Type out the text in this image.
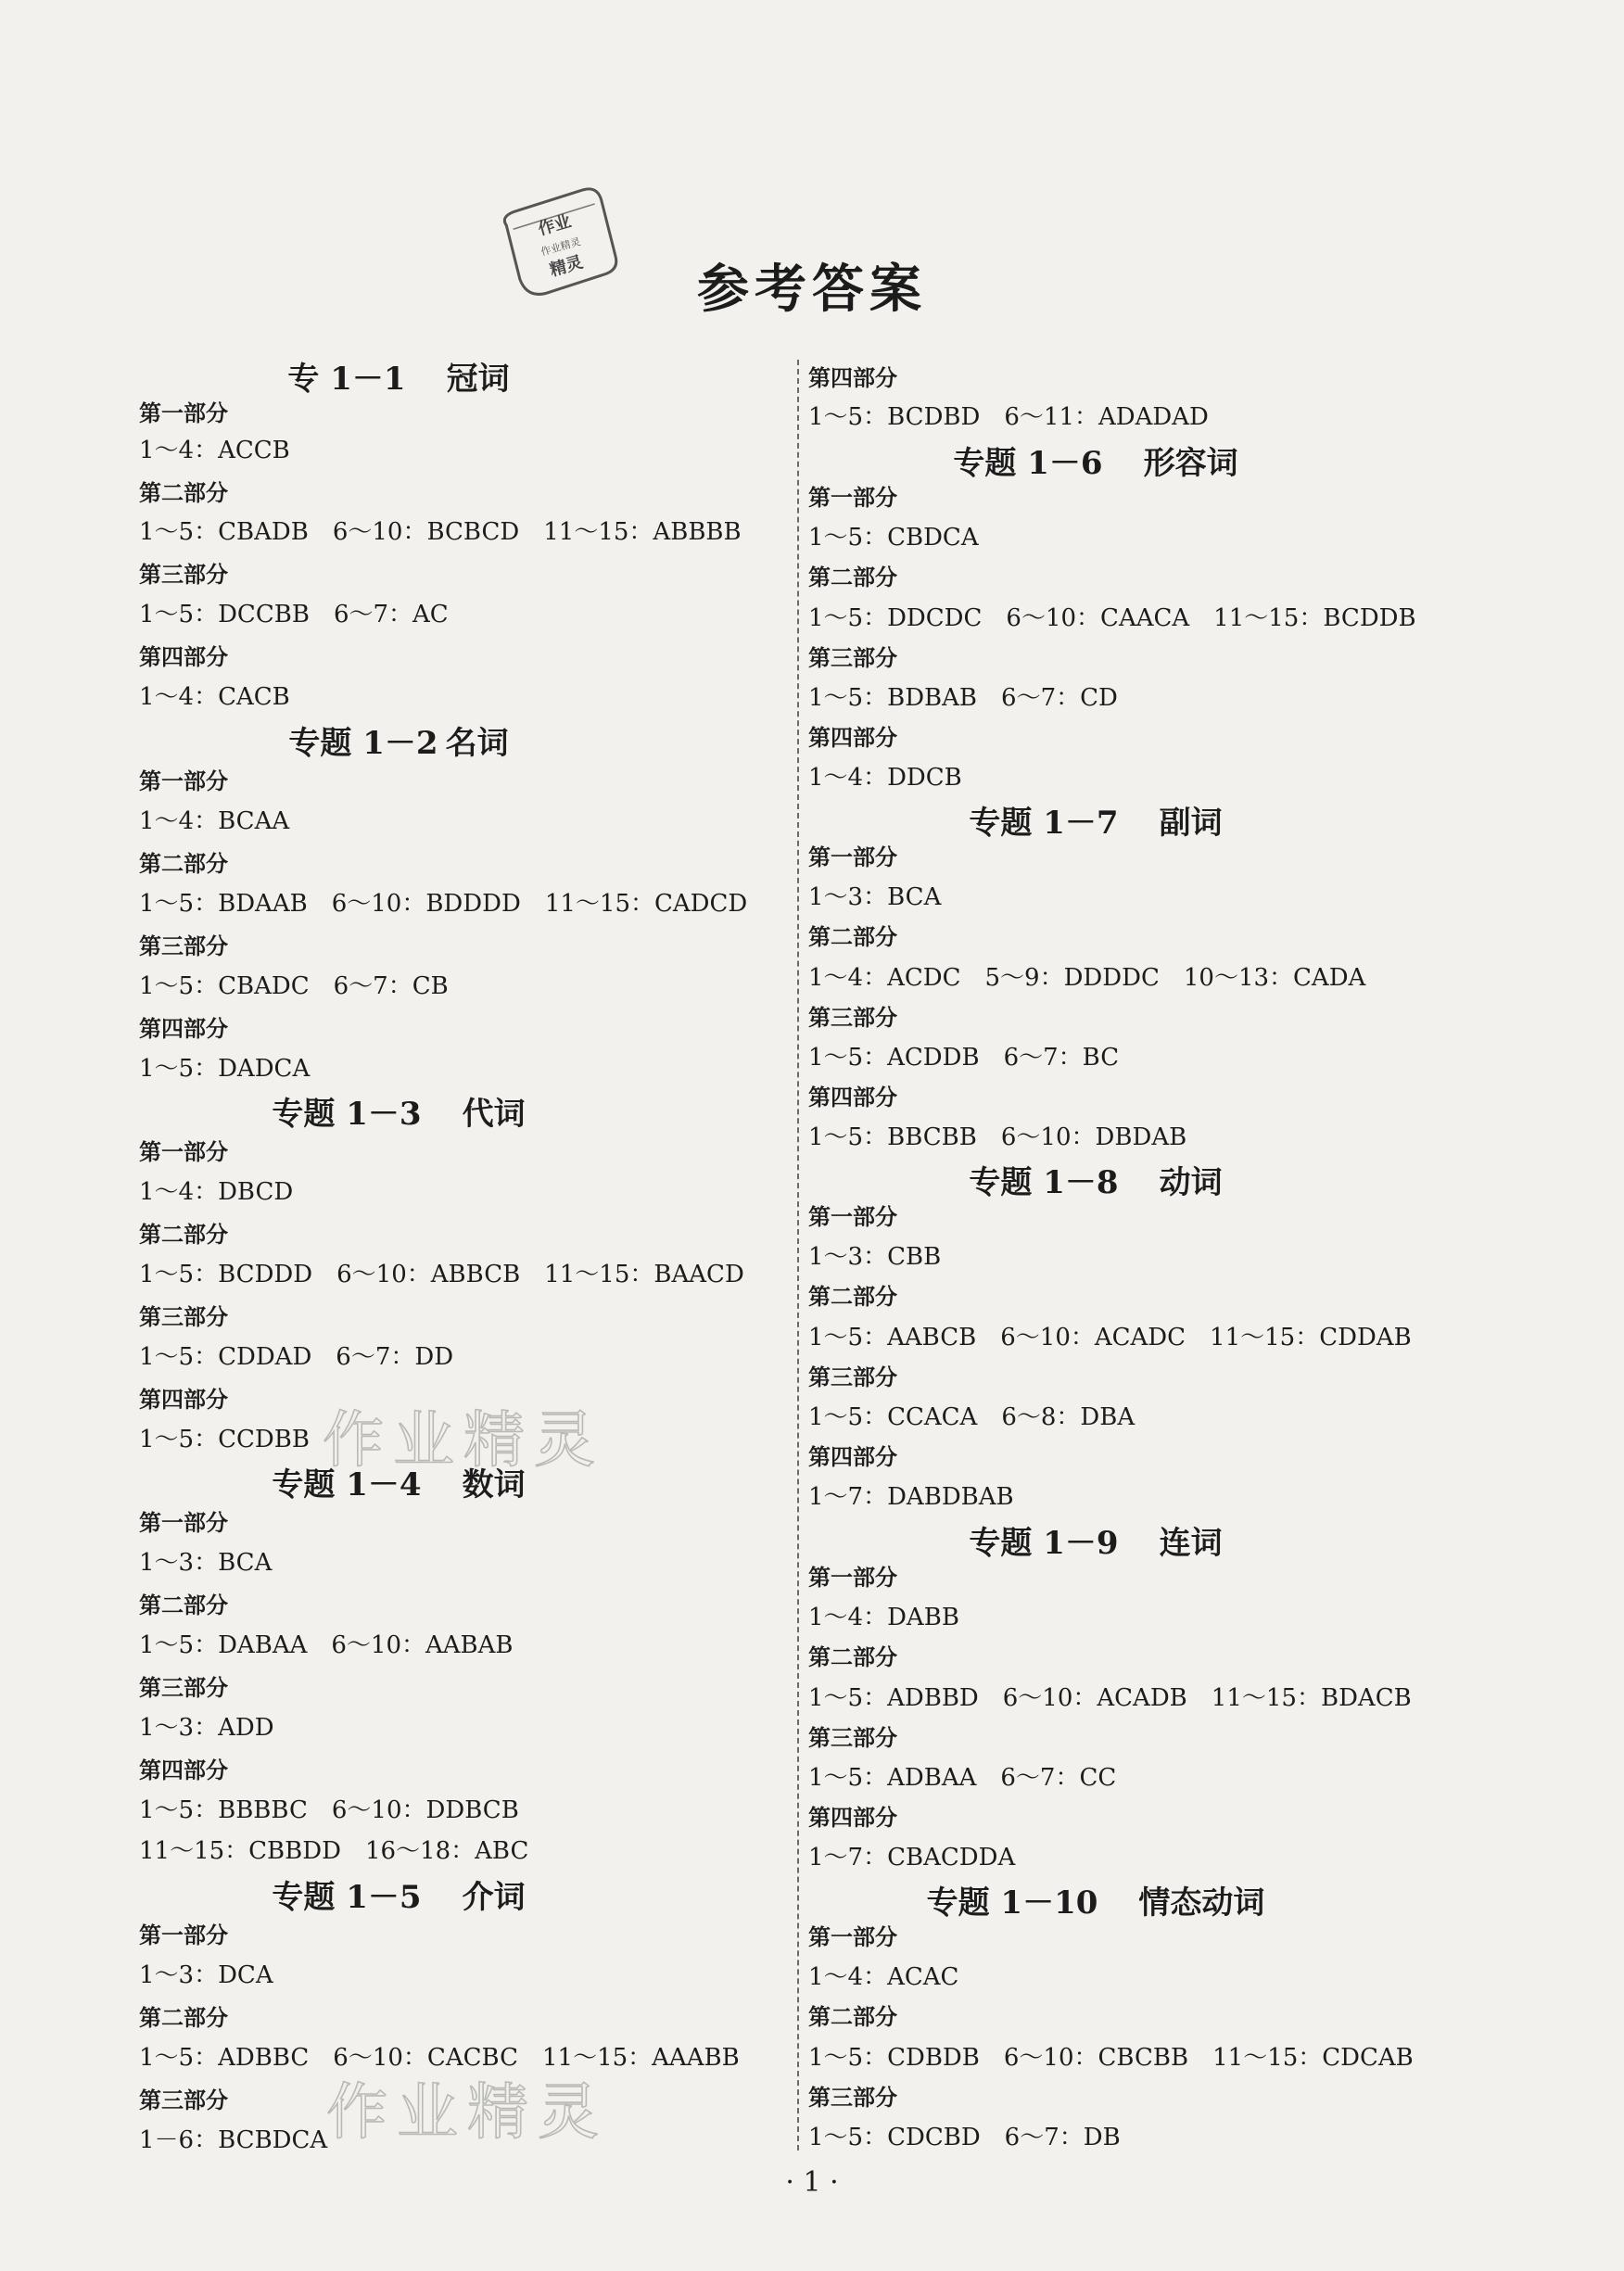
作业
作业精灵
精灵	参考答案
专 1－1 冠词
第一部分
1～4：ACCB
第二部分
1～5：CBADB 6～10：BCBCD 11～15：ABBBB
第三部分
1～5：DCCBB 6～7：AC
第四部分
1～4：CACB
专题 1－2 名词
第一部分
1～4：BCAA
第二部分
1～5：BDAAB 6～10：BDDDD 11～15：CADCD
第三部分
1～5：CBADC 6～7：CB
第四部分
1～5：DADCA
专题 1－3 代词
第一部分
1～4：DBCD
第二部分
1～5：BCDDD 6～10：ABBCB 11～15：BAACD
第三部分
1～5：CDDAD 6～7：DD
第四部分
1～5：CCDBB
专题 1－4 数词
第一部分
1～3：BCA
第二部分
1～5：DABAA 6～10：AABAB
第三部分
1～3：ADD
第四部分
1～5：BBBBC 6～10：DDBCB
11～15：CBBDD 16～18：ABC
专题 1－5 介词
第一部分
1～3：DCA
第二部分
1～5：ADBBC 6～10：CACBC 11～15：AAABB
第三部分
1－6：BCBDCA
第四部分
1～5：BCDBD 6～11：ADADAD
专题 1－6 形容词
第一部分
1～5：CBDCA
第二部分
1～5：DDCDC 6～10：CAACA 11～15：BCDDB
第三部分
1～5：BDBAB 6～7：CD
第四部分
1～4：DDCB
专题 1－7 副词
第一部分
1～3：BCA
第二部分
1～4：ACDC 5～9：DDDDC 10～13：CADA
第三部分
1～5：ACDDB 6～7：BC
第四部分
1～5：BBCBB 6～10：DBDAB
专题 1－8 动词
第一部分
1～3：CBB
第二部分
1～5：AABCB 6～10：ACADC 11～15：CDDAB
第三部分
1～5：CCACA 6～8：DBA
第四部分
1～7：DABDBAB
专题 1－9 连词
第一部分
1～4：DABB
第二部分
1～5：ADBBD 6～10：ACADB 11～15：BDACB
第三部分
1～5：ADBAA 6～7：CC
第四部分
1～7：CBACDDA
专题 1－10 情态动词
第一部分
1～4：ACAC
第二部分
1～5：CDBDB 6～10：CBCBB 11～15：CDCAB
第三部分
1～5：CDCBD 6～7：DB
作业精灵
作业精灵
· 1 ·
